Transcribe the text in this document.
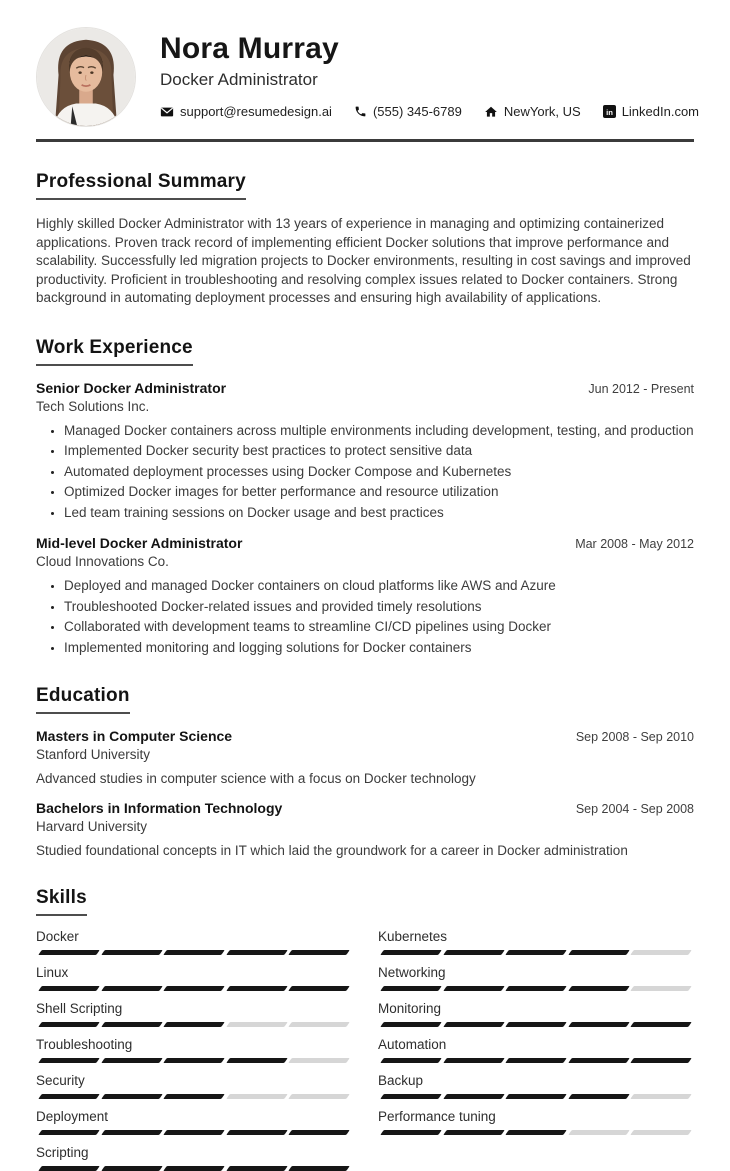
Nora Murray
Docker Administrator
support@resumedesign.ai	(555) 345-6789	NewYork, US	in LinkedIn.com
Professional Summary

Highly skilled Docker Administrator with 13 years of experience in managing and optimizing containerized applications. Proven track record of implementing efficient Docker solutions that improve performance and scalability. Successfully led migration projects to Docker environments, resulting in cost savings and improved productivity. Proficient in troubleshooting and resolving complex issues related to Docker containers. Strong background in automating deployment processes and ensuring high availability of applications.

Work Experience
Senior Docker Administrator	Jun 2012 - Present
Tech Solutions Inc.
• Managed Docker containers across multiple environments including development, testing, and production
• Implemented Docker security best practices to protect sensitive data
• Automated deployment processes using Docker Compose and Kubernetes
• Optimized Docker images for better performance and resource utilization
• Led team training sessions on Docker usage and best practices
Mid-level Docker Administrator	Mar 2008 - May 2012
Cloud Innovations Co.
• Deployed and managed Docker containers on cloud platforms like AWS and Azure
• Troubleshooted Docker-related issues and provided timely resolutions
• Collaborated with development teams to streamline CI/CD pipelines using Docker
• Implemented monitoring and logging solutions for Docker containers
Education
Masters in Computer Science	Sep 2008 - Sep 2010
Stanford University
Advanced studies in computer science with a focus on Docker technology
Bachelors in Information Technology	Sep 2004 - Sep 2008
Harvard University
Studied foundational concepts in IT which laid the groundwork for a career in Docker administration
Skills
Docker	Kubernetes
Linux	Networking
Shell Scripting	Monitoring
Troubleshooting	Automation
Security	Backup
Deployment	Performance tuning
Scripting
